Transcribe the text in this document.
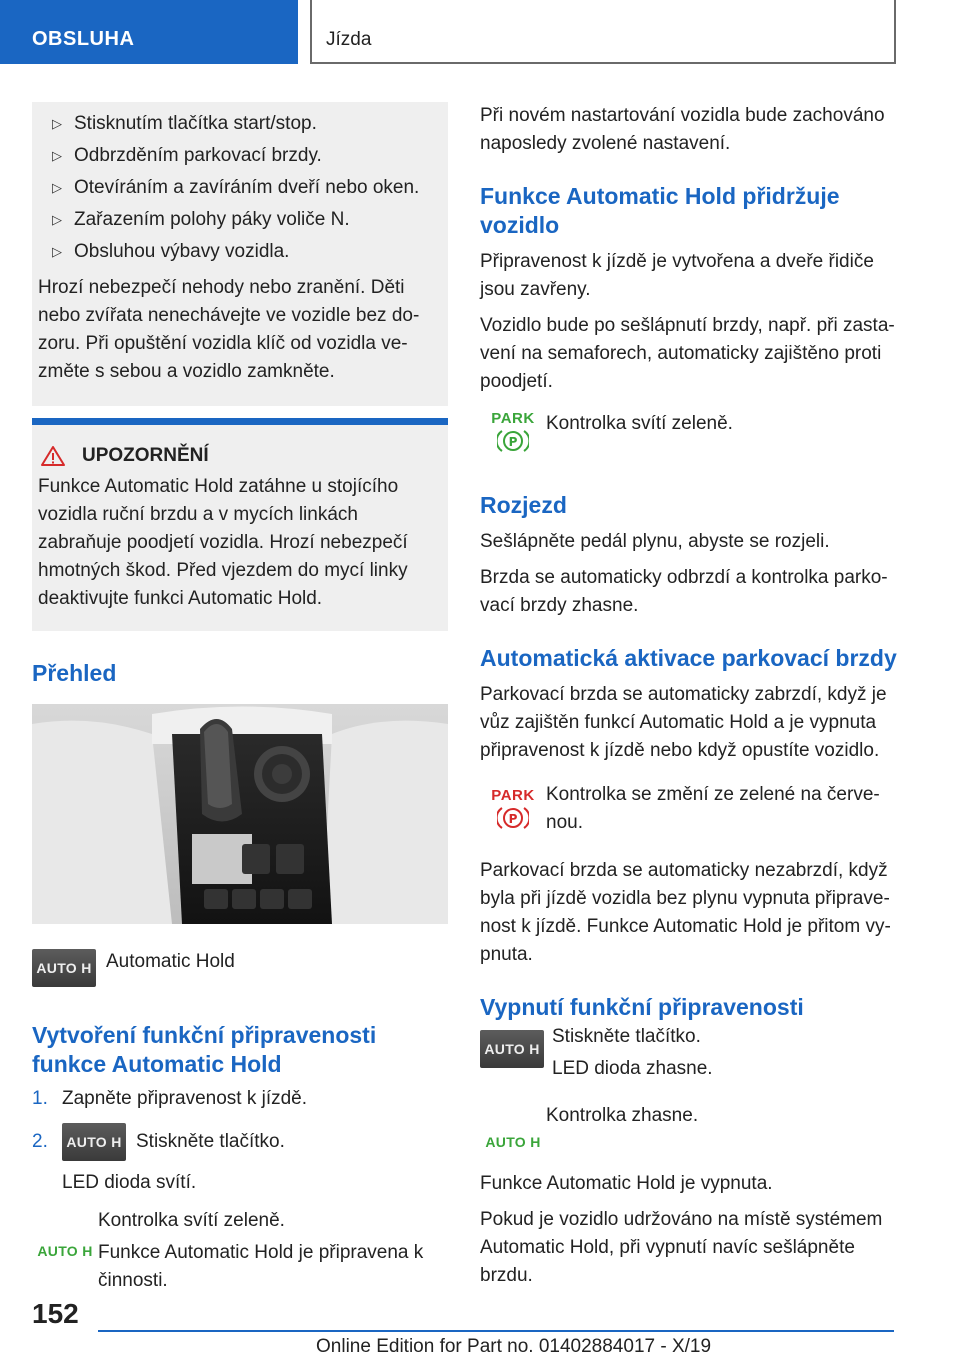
OBSLUHA	Jízda
▷ Stisknutím tlačítka start/stop.
▷ Odbrzděním parkovací brzdy.
▷ Otevíráním a zavíráním dveří nebo oken.
▷ Zařazením polohy páky voliče N.
▷ Obsluhou výbavy vozidla.

Hrozí nebezpečí nehody nebo zranění. Děti nebo zvířata nenechávejte ve vozidle bez do-zoru. Při opuštění vozidla klíč od vozidla ve-změte s sebou a vozidlo zamkněte.

UPOZORNĚNÍ

Funkce Automatic Hold zatáhne u stojícího vozidla ruční brzdu a v mycích linkách zabraňuje poodjetí vozidla. Hrozí nebezpečí hmotných škod. Před vjezdem do mycí linky deaktivujte funkci Automatic Hold.

Přehled
AUTO H Automatic Hold
Vytvoření funkční připravenosti funkce Automatic Hold
1. Zapněte připravenost k jízdě.
2.	AUTO H Stiskněte tlačítko.

LED dioda svítí.

AUTO H

Kontrolka svítí zeleně.

Funkce Automatic Hold je připravena k činnosti.

Při novém nastartování vozidla bude zachováno naposledy zvolené nastavení.

Funkce Automatic Hold přidržuje vozidlo

Připravenost k jízdě je vytvořena a dveře řidiče jsou zavřeny.

Vozidlo bude po sešlápnutí brzdy, např. při zasta-vení na semaforech, automaticky zajištěno proti poodjetí.

PARK
P
Kontrolka svítí zeleně.
Rozjezd

Sešlápněte pedál plynu, abyste se rozjeli.

Brzda se automaticky odbrzdí a kontrolka parko-vací brzdy zhasne.

Automatická aktivace parkovací brzdy

Parkovací brzda se automaticky zabrzdí, když je vůz zajištěn funkcí Automatic Hold a je vypnuta připravenost k jízdě nebo když opustíte vozidlo.

PARK
P
Kontrolka se změní ze zelené na červe-nou.

Parkovací brzda se automaticky nezabrzdí, když byla při jízdě vozidla bez plynu vypnuta připrave-nost k jízdě. Funkce Automatic Hold je přitom vy-pnuta.

Vypnutí funkční připravenosti
AUTO H

Stiskněte tlačítko.

LED dioda zhasne.

AUTO H
Kontrolka zhasne.

Funkce Automatic Hold je vypnuta.

Pokud je vozidlo udržováno na místě systémem Automatic Hold, při vypnutí navíc sešlápněte brzdu.

152
Online Edition for Part no. 01402884017 - X/19
